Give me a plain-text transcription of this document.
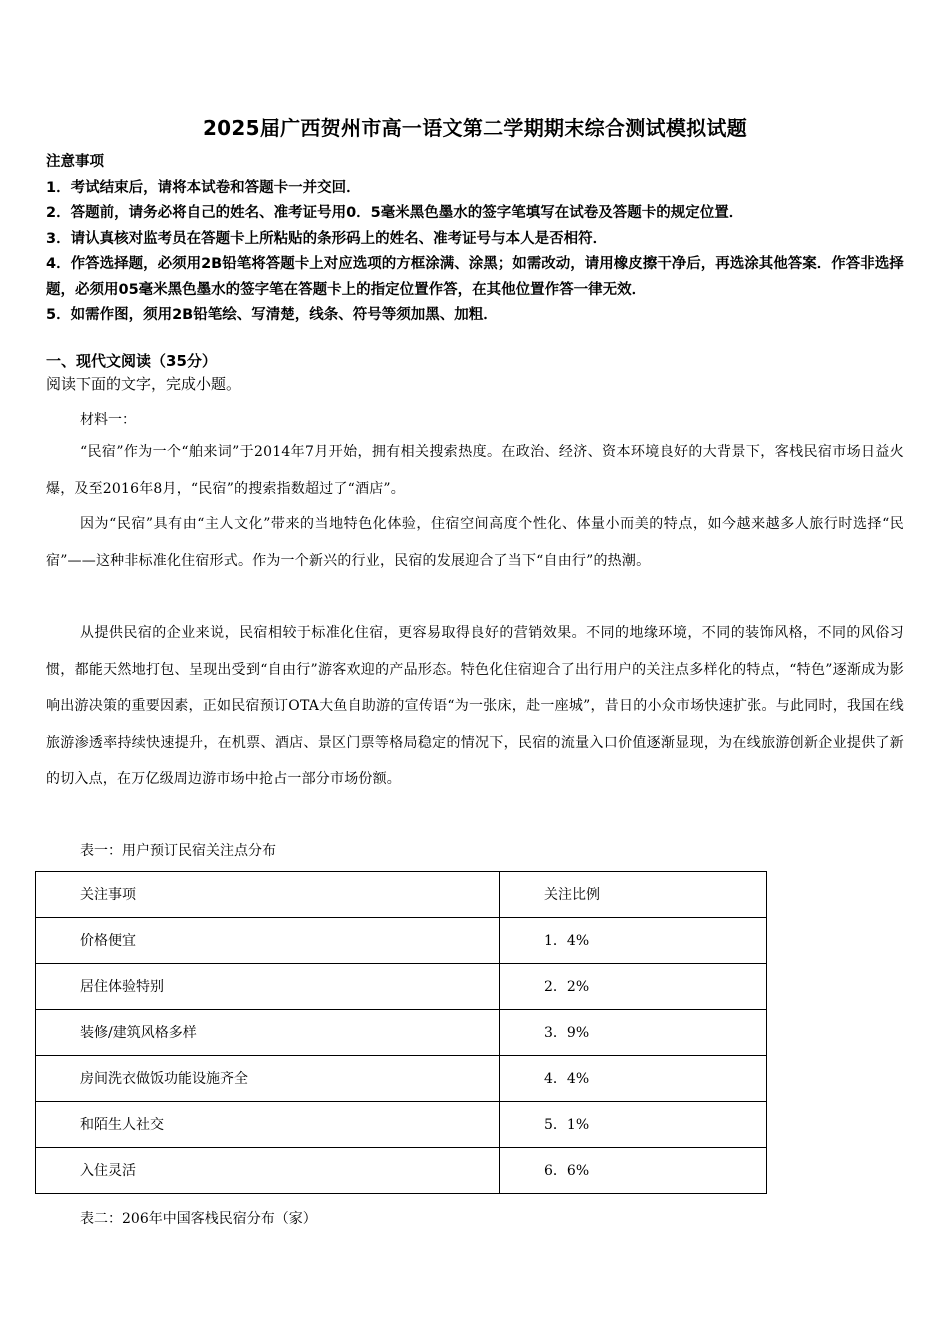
2025届广西贺州市高一语文第二学期期末综合测试模拟试题

注意事项

1．考试结束后，请将本试卷和答题卡一并交回．

2．答题前，请务必将自己的姓名、准考证号用0．5毫米黑色墨水的签字笔填写在试卷及答题卡的规定位置．

3．请认真核对监考员在答题卡上所粘贴的条形码上的姓名、准考证号与本人是否相符．

4．作答选择题，必须用2B铅笔将答题卡上对应选项的方框涂满、涂黑；如需改动，请用橡皮擦干净后，再选涂其他答案．作答非选择题，必须用05毫米黑色墨水的签字笔在答题卡上的指定位置作答，在其他位置作答一律无效．

5．如需作图，须用2B铅笔绘、写清楚，线条、符号等须加黑、加粗．

一、现代文阅读（35分）
阅读下面的文字，完成小题。
材料一：
“民宿”作为一个“舶来词”于2014年7月开始，拥有相关搜索热度。在政治、经济、资本环境良好的大背景下，客栈民宿市场日益火爆，及至2016年8月，“民宿”的搜索指数超过了“酒店”。
因为“民宿”具有由“主人文化”带来的当地特色化体验，住宿空间高度个性化、体量小而美的特点，如今越来越多人旅行时选择“民宿”——这种非标准化住宿形式。作为一个新兴的行业，民宿的发展迎合了当下“自由行”的热潮。
从提供民宿的企业来说，民宿相较于标准化住宿，更容易取得良好的营销效果。不同的地缘环境，不同的装饰风格，不同的风俗习惯，都能天然地打包、呈现出受到“自由行”游客欢迎的产品形态。特色化住宿迎合了出行用户的关注点多样化的特点，“特色”逐渐成为影响出游决策的重要因素，正如民宿预订OTA大鱼自助游的宣传语“为一张床，赴一座城”，昔日的小众市场快速扩张。与此同时，我国在线旅游渗透率持续快速提升，在机票、酒店、景区门票等格局稳定的情况下，民宿的流量入口价值逐渐显现，为在线旅游创新企业提供了新的切入点，在万亿级周边游市场中抢占一部分市场份额。
表一：用户预订民宿关注点分布
关注事项	关注比例

价格便宜	1．4%

居住体验特别	2．2%

装修/建筑风格多样	3．9%

房间洗衣做饭功能设施齐全	4．4%

和陌生人社交	5．1%

入住灵活	6．6%
表二：206年中国客栈民宿分布（家）
